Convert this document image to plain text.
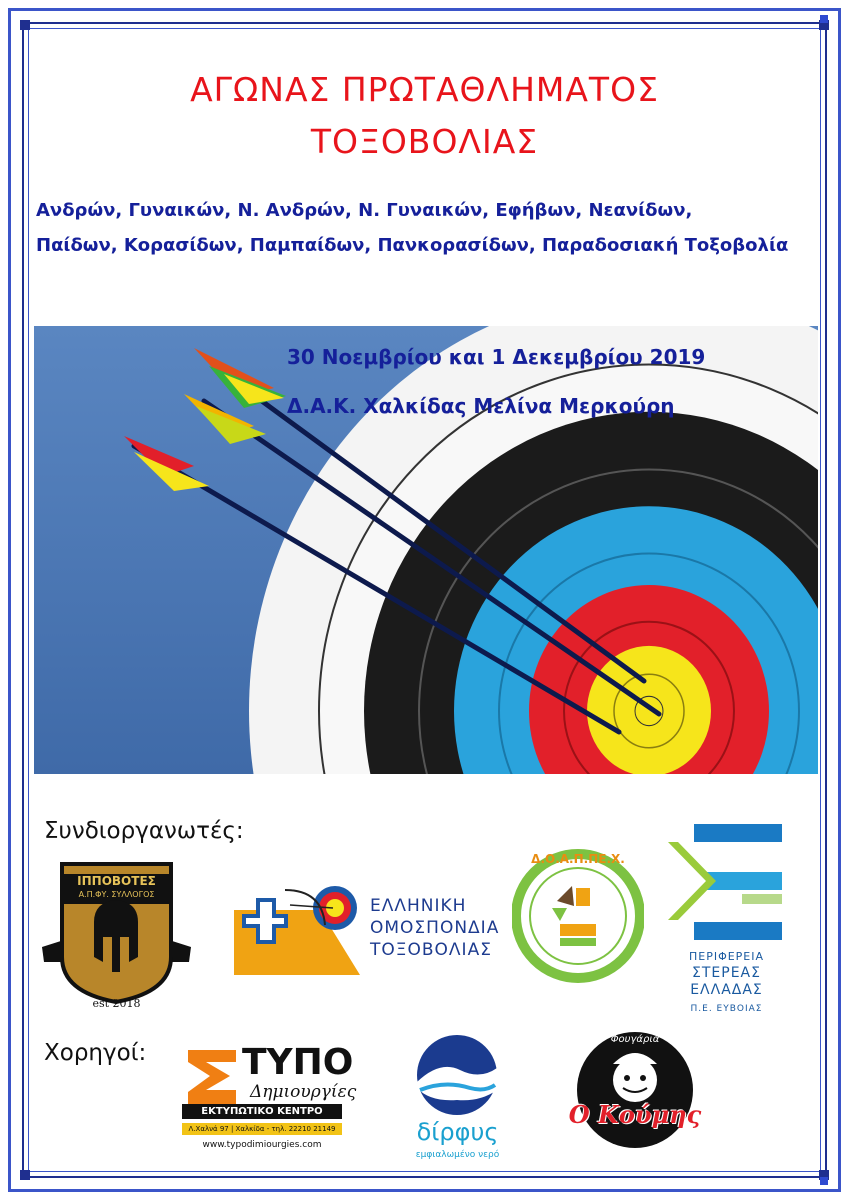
ΑΓΩΝΑΣ ΠΡΩΤΑΘΛΗΜΑΤΟΣ
ΤΟΞΟΒΟΛΙΑΣ
Ανδρών, Γυναικών, Ν. Ανδρών, Ν. Γυναικών, Εφήβων, Νεανίδων,
Παίδων, Κορασίδων, Παμπαίδων, Πανκορασίδων, Παραδοσιακή Τοξοβολία
30 Νοεμβρίου και 1 Δεκεμβρίου 2019
Δ.Α.Κ. Χαλκίδας Μελίνα Μερκούρη
Συνδιοργανωτές:
ΙΠΠΟΒΟΤΕΣ
Α.Π.ΦΥ. ΣΥΛΛΟΓΟΣ
est 2018
ΕΛΛΗΝΙΚΗ
ΟΜΟΣΠΟΝΔΙΑ
ΤΟΞΟΒΟΛΙΑΣ
Δ.Ο.Α.Π.ΠΕ.Χ.
ΠΕΡΙΦΕΡΕΙΑ
ΣΤΕΡΕΑΣ
ΕΛΛΑΔΑΣ
Π.Ε. ΕΥΒΟΙΑΣ
Χορηγοί:	ΤΥΠΟ
Δημιουργίες
ΕΚΤΥΠΩΤΙΚΟ ΚΕΝΤΡΟ
Λ.Χαλνά 97 | Χαλκίδα - τηλ. 22210 21149
www.typodimiourgies.com	δίρφυς
εμφιαλωμένο νερό
Φουγάρια
Ο Κούμης
